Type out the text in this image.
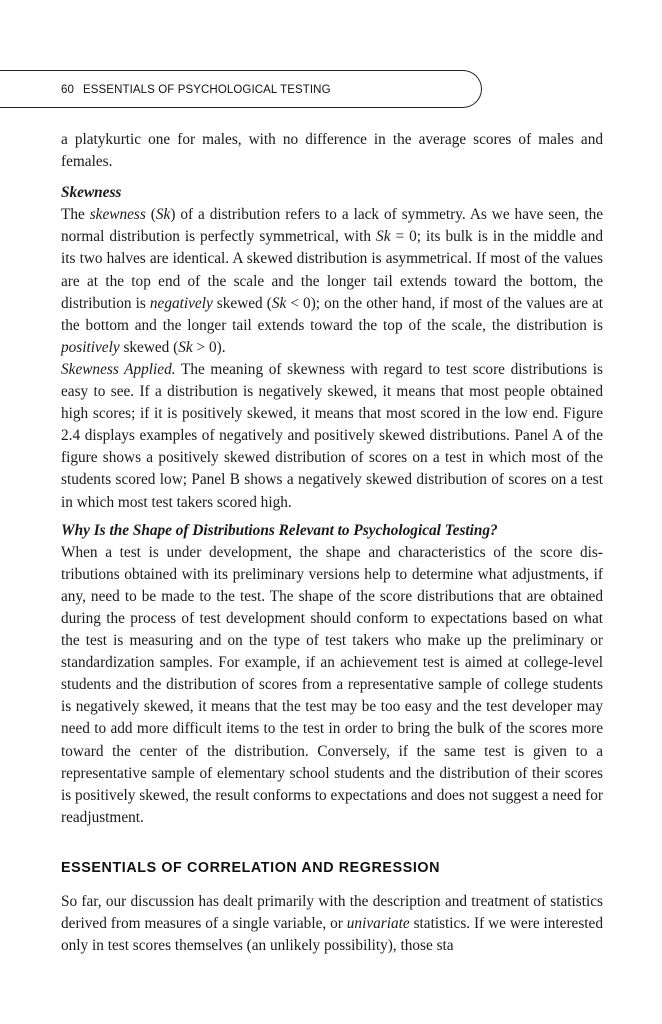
60 ESSENTIALS OF PSYCHOLOGICAL TESTING

a platykurtic one for males, with no difference in the average scores of males and females.

Skewness

The skewness (Sk) of a distribution refers to a lack of symmetry. As we have seen, the normal distribution is perfectly symmetrical, with Sk = 0; its bulk is in the middle and its two halves are identical. A skewed distribution is asymmetrical. If most of the values are at the top end of the scale and the longer tail extends toward the bottom, the distribution is negatively skewed (Sk < 0); on the other hand, if most of the values are at the bottom and the longer tail extends toward the top of the scale, the distribution is positively skewed (Sk > 0).

Skewness Applied. The meaning of skewness with regard to test score distributions is easy to see. If a distribution is negatively skewed, it means that most people obtained high scores; if it is positively skewed, it means that most scored in the low end. Figure 2.4 displays examples of negatively and positively skewed distributions. Panel A of the figure shows a positively skewed distribution of scores on a test in which most of the students scored low; Panel B shows a negatively skewed distribution of scores on a test in which most test takers scored high.

Why Is the Shape of Distributions Relevant to Psychological Testing?

When a test is under development, the shape and characteristics of the score distributions obtained with its preliminary versions help to determine what adjustments, if any, need to be made to the test. The shape of the score distributions that are obtained during the process of test development should conform to expectations based on what the test is measuring and on the type of test takers who make up the preliminary or standardization samples. For example, if an achievement test is aimed at college-level students and the distribution of scores from a representative sample of college students is negatively skewed, it means that the test may be too easy and the test developer may need to add more difficult items to the test in order to bring the bulk of the scores more toward the center of the distribution. Conversely, if the same test is given to a representative sample of elementary school students and the distribution of their scores is positively skewed, the result conforms to expectations and does not suggest a need for readjustment.

ESSENTIALS OF CORRELATION AND REGRESSION

So far, our discussion has dealt primarily with the description and treatment of statistics derived from measures of a single variable, or univariate statistics. If we were interested only in test scores themselves (an unlikely possibility), those sta
